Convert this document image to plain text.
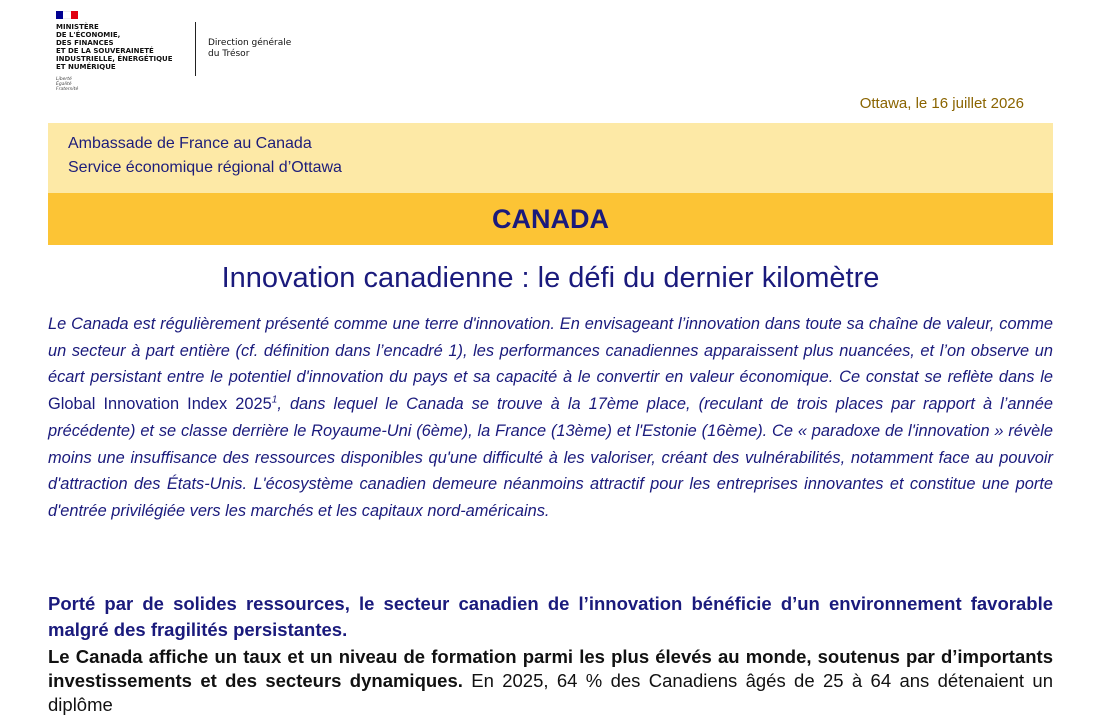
MINISTÈRE
DE L'ÉCONOMIE,
DES FINANCES
ET DE LA SOUVERAINETÉ
INDUSTRIELLE, ÉNERGÉTIQUE
ET NUMÉRIQUE
Liberté
Égalité
Fraternité
Direction générale
du Trésor
Ottawa, le 16 juillet 2026
Ambassade de France au Canada
Service économique régional d’Ottawa
CANADA
Innovation canadienne : le défi du dernier kilomètre
Le Canada est régulièrement présenté comme une terre d'innovation. En envisageant l’innovation dans toute sa chaîne de valeur, comme un secteur à part entière (cf. définition dans l’encadré 1), les performances canadiennes apparaissent plus nuancées, et l’on observe un écart persistant entre le potentiel d'innovation du pays et sa capacité à le convertir en valeur économique. Ce constat se reflète dans le Global Innovation Index 2025$^1$, dans lequel le Canada se trouve à la 17ème place, (reculant de trois places par rapport à l’année précédente) et se classe derrière le Royaume-Uni (6ème), la France (13ème) et l'Estonie (16ème). Ce « paradoxe de l'innovation » révèle moins une insuffisance des ressources disponibles qu'une difficulté à les valoriser, créant des vulnérabilités, notamment face au pouvoir d'attraction des États-Unis. L'écosystème canadien demeure néanmoins attractif pour les entreprises innovantes et constitue une porte d'entrée privilégiée vers les marchés et les capitaux nord-américains.
Porté par de solides ressources, le secteur canadien de l’innovation bénéficie d’un environnement favorable malgré des fragilités persistantes.
Le Canada affiche un taux et un niveau de formation parmi les plus élevés au monde, soutenus par d’importants investissements et des secteurs dynamiques. En 2025, 64 % des Canadiens âgés de 25 à 64 ans détenaient un diplôme
